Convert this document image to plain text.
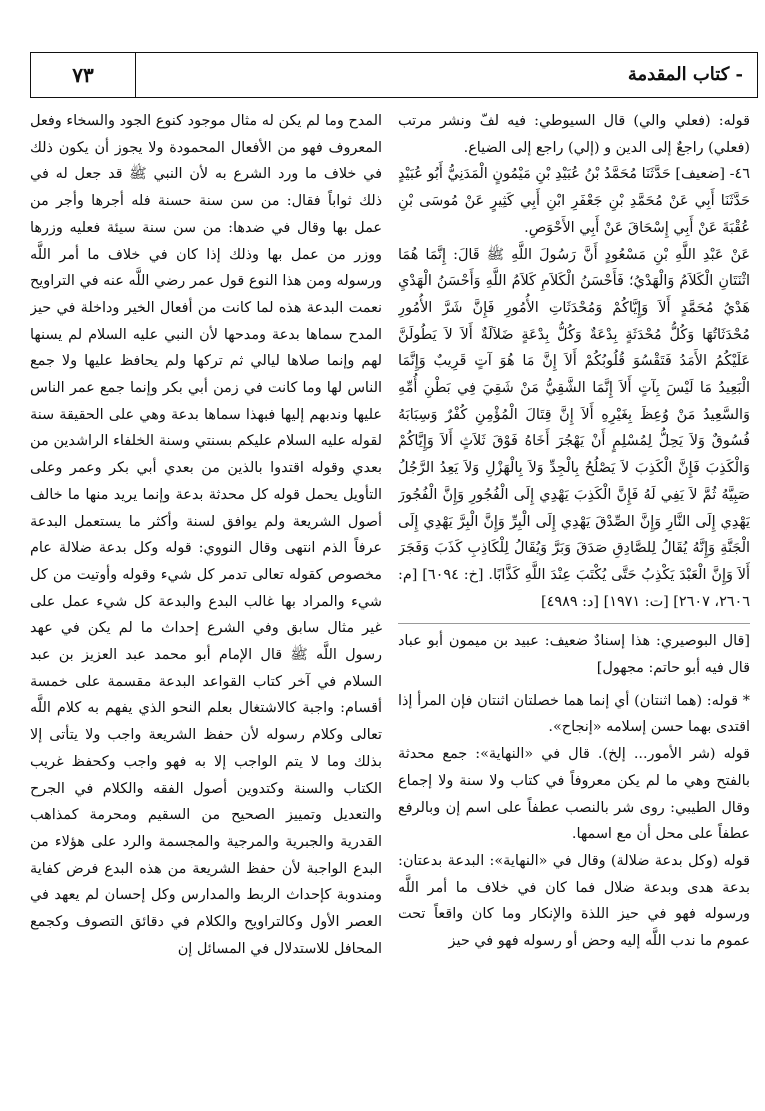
٧٣	- كتاب المقدمة

قوله: (فعلي والي) قال السيوطي: فيه لفّ ونشر مرتب (فعلي) راجعٌ إلى الدين و (إلي) راجع إلى الضياع.

٤٦- [ضعيف] حَدَّثَنَا مُحَمَّدُ بْنُ عُبَيْدِ بْنِ مَيْمُونٍ الْمَدَنِيُّ أَبُو عُبَيْدٍ حَدَّثَنَا أَبِي عَنْ مُحَمَّدِ بْنِ جَعْفَرِ ابْنِ أَبِي كَثِيرٍ عَنْ مُوسَى بْنِ عُقْبَةَ عَنْ أَبِي إِسْحَاقَ عَنْ أَبِي الأَحْوَصِ.

عَنْ عَبْدِ اللَّهِ بْنِ مَسْعُودٍ أَنَّ رَسُولَ اللَّهِ ﷺ قَالَ: إِنَّمَا هُمَا اثْنَتَانِ الْكَلاَمُ وَالْهَدْيُ؛ فَأَحْسَنُ الْكَلاَمِ كَلاَمُ اللَّهِ وَأَحْسَنُ الْهَدْيِ هَدْيُ مُحَمَّدٍ أَلاَ وَإِيَّاكُمْ وَمُحْدَثَاتِ الأُمُورِ فَإِنَّ شَرَّ الأُمُورِ مُحْدَثَاتُهَا وَكُلُّ مُحْدَثَةٍ بِدْعَةٌ وَكُلُّ بِدْعَةٍ ضَلاَلَةٌ أَلاَ لاَ يَطُولَنَّ عَلَيْكُمُ الأَمَدُ فَتَقْسُوَ قُلُوبُكُمْ أَلاَ إِنَّ مَا هُوَ آتٍ قَرِيبٌ وَإِنَّمَا الْبَعِيدُ مَا لَيْسَ بِآتٍ أَلاَ إِنَّمَا الشَّقِيُّ مَنْ شَقِيَ فِي بَطْنِ أُمِّهِ وَالسَّعِيدُ مَنْ وُعِظَ بِغَيْرِهِ أَلاَ إِنَّ قِتَالَ الْمُؤْمِنِ كُفْرٌ وَسِبَابَهُ فُسُوقٌ وَلاَ يَحِلُّ لِمُسْلِمٍ أَنْ يَهْجُرَ أَخَاهُ فَوْقَ ثَلاَثٍ أَلاَ وَإِيَّاكُمْ وَالْكَذِبَ فَإِنَّ الْكَذِبَ لاَ يَصْلُحُ بِالْجِدِّ وَلاَ بِالْهَزْلِ وَلاَ يَعِدُ الرَّجُلُ صَبِيَّهُ ثُمَّ لاَ يَفِي لَهُ فَإِنَّ الْكَذِبَ يَهْدِي إِلَى الْفُجُورِ وَإِنَّ الْفُجُورَ يَهْدِي إِلَى النَّارِ وَإِنَّ الصِّدْقَ يَهْدِي إِلَى الْبِرِّ وَإِنَّ الْبِرَّ يَهْدِي إِلَى الْجَنَّةِ وَإِنَّهُ يُقَالُ لِلصَّادِقِ صَدَقَ وَبَرَّ وَيُقَالُ لِلْكَاذِبِ كَذَبَ وَفَجَرَ أَلاَ وَإِنَّ الْعَبْدَ يَكْذِبُ حَتَّى يُكْتَبَ عِنْدَ اللَّهِ كَذَّابًا. [خ: ٦٠٩٤] [م: ٢٦٠٦، ٢٦٠٧] [ت: ١٩٧١] [د: ٤٩٨٩]

[قال البوصيري: هذا إسنادٌ ضعيف: عبيد بن ميمون أبو عباد قال فيه أبو حاتم: مجهول]

* قوله: (هما اثنتان) أي إنما هما خصلتان اثنتان فإن المرأ إذا اقتدى بهما حسن إسلامه «إنجاح».

قوله (شر الأمور... إلخ). قال في «النهاية»: جمع محدثة بالفتح وهي ما لم يكن معروفاً في كتاب ولا سنة ولا إجماع وقال الطيبي: روى شر بالنصب عطفاً على اسم إن وبالرفع عطفاً على محل أن مع اسمها.

قوله (وكل بدعة ضلالة) وقال في «النهاية»: البدعة بدعتان: بدعة هدى وبدعة ضلال فما كان في خلاف ما أمر اللَّه ورسوله فهو في حيز اللذة والإنكار وما كان واقعاً تحت عموم ما ندب اللَّه إليه وحض أو رسوله فهو في حيز

المدح وما لم يكن له مثال موجود كنوع الجود والسخاء وفعل المعروف فهو من الأفعال المحمودة ولا يجوز أن يكون ذلك في خلاف ما ورد الشرع به لأن النبي ﷺ قد جعل له في ذلك ثواباً فقال: من سن سنة حسنة فله أجرها وأجر من عمل بها وقال في ضدها: من سن سنة سيئة فعليه وزرها ووزر من عمل بها وذلك إذا كان في خلاف ما أمر اللَّه ورسوله ومن هذا النوع قول عمر رضي اللَّه عنه في التراويح نعمت البدعة هذه لما كانت من أفعال الخير وداخلة في حيز المدح سماها بدعة ومدحها لأن النبي عليه السلام لم يسنها لهم وإنما صلاها ليالي ثم تركها ولم يحافظ عليها ولا جمع الناس لها وما كانت في زمن أبي بكر وإنما جمع عمر الناس عليها وندبهم إليها فبهذا سماها بدعة وهي على الحقيقة سنة لقوله عليه السلام عليكم بسنتي وسنة الخلفاء الراشدين من بعدي وقوله اقتدوا بالذين من بعدي أبي بكر وعمر وعلى التأويل يحمل قوله كل محدثة بدعة وإنما يريد منها ما خالف أصول الشريعة ولم يوافق لسنة وأكثر ما يستعمل البدعة عرفاً الذم انتهى وقال النووي: قوله وكل بدعة ضلالة عام مخصوص كقوله تعالى تدمر كل شيء وقوله وأوتيت من كل شيء والمراد بها غالب البدع والبدعة كل شيء عمل على غير مثال سابق وفي الشرع إحداث ما لم يكن في عهد رسول اللَّه ﷺ قال الإمام أبو محمد عبد العزيز بن عبد السلام في آخر كتاب القواعد البدعة مقسمة على خمسة أقسام: واجبة كالاشتغال بعلم النحو الذي يفهم به كلام اللَّه تعالى وكلام رسوله لأن حفظ الشريعة واجب ولا يتأتى إلا بذلك وما لا يتم الواجب إلا به فهو واجب وكحفظ غريب الكتاب والسنة وكتدوين أصول الفقه والكلام في الجرح والتعديل وتمييز الصحيح من السقيم ومحرمة كمذاهب القدرية والجبرية والمرجية والمجسمة والرد على هؤلاء من البدع الواجبة لأن حفظ الشريعة من هذه البدع فرض كفاية ومندوبة كإحداث الربط والمدارس وكل إحسان لم يعهد في العصر الأول وكالتراويح والكلام في دقائق التصوف وكجمع المحافل للاستدلال في المسائل إن
